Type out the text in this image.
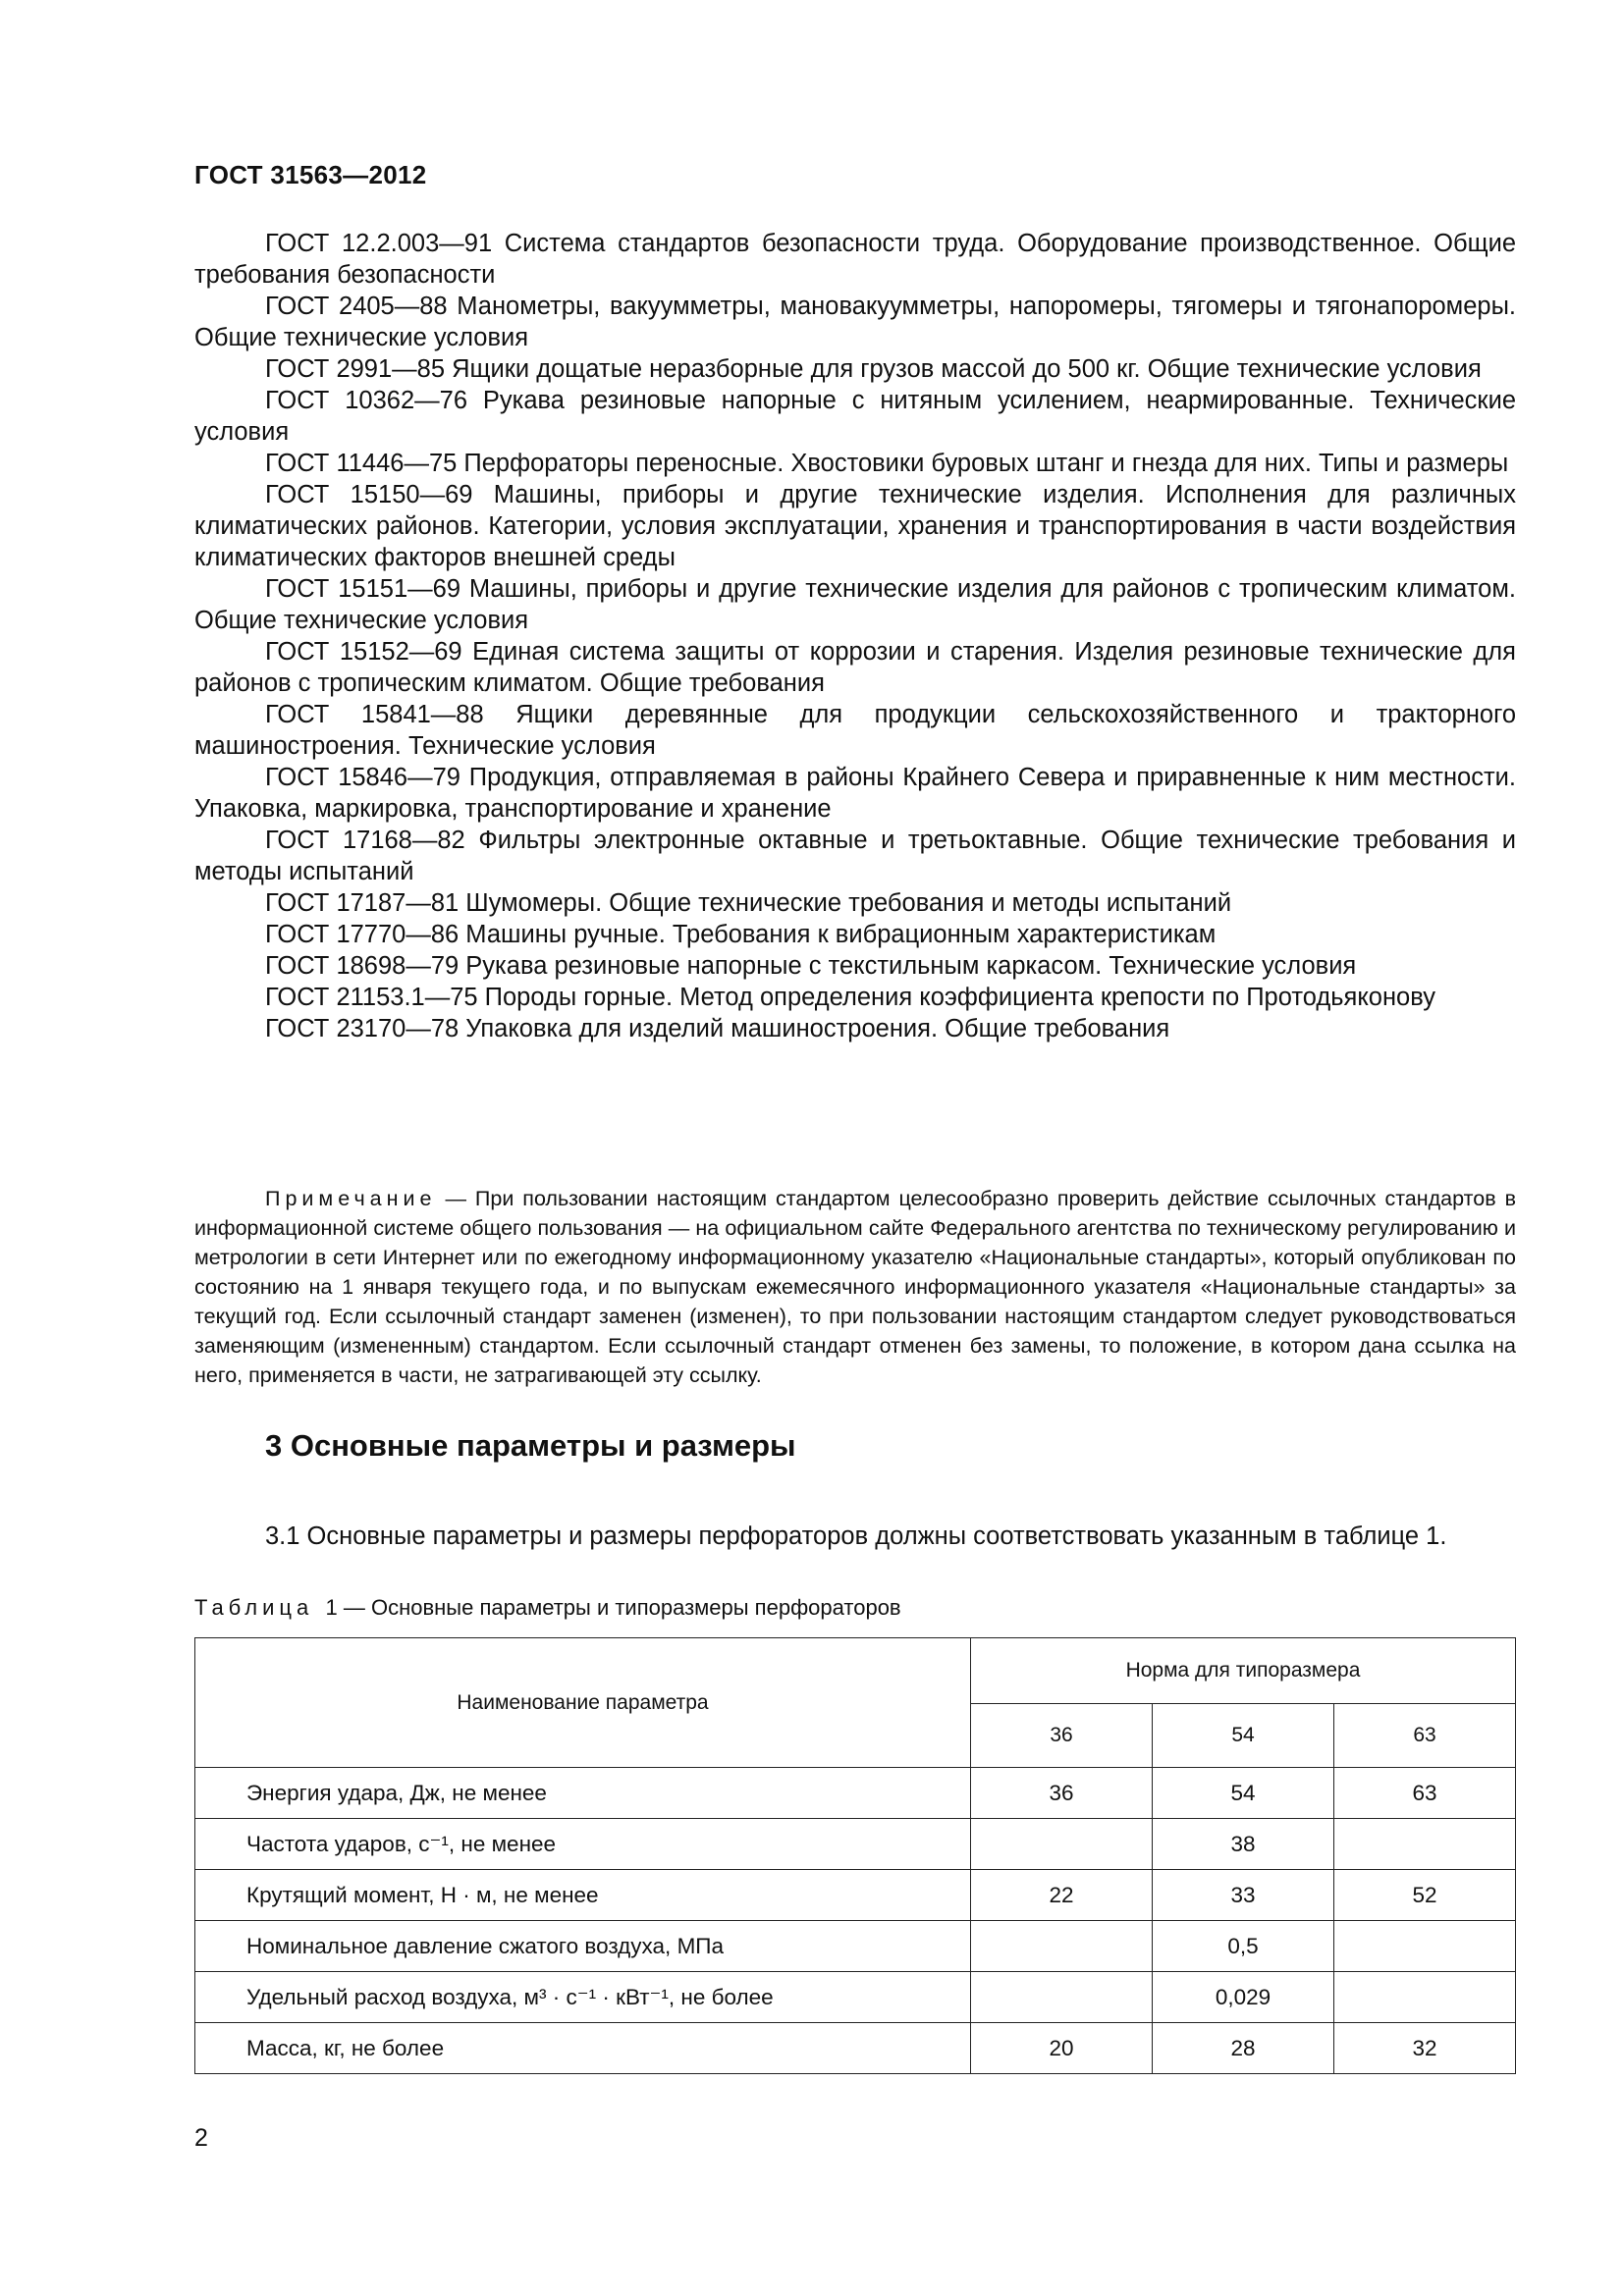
ГОСТ 31563—2012

ГОСТ 12.2.003—91 Система стандартов безопасности труда. Оборудование производственное. Общие требования безопасности

ГОСТ 2405—88 Манометры, вакуумметры, мановакуумметры, напоромеры, тягомеры и тягонапоромеры. Общие технические условия

ГОСТ 2991—85 Ящики дощатые неразборные для грузов массой до 500 кг. Общие технические условия

ГОСТ 10362—76 Рукава резиновые напорные с нитяным усилением, неармированные. Технические условия

ГОСТ 11446—75 Перфораторы переносные. Хвостовики буровых штанг и гнезда для них. Типы и размеры

ГОСТ 15150—69 Машины, приборы и другие технические изделия. Исполнения для различных климатических районов. Категории, условия эксплуатации, хранения и транспортирования в части воздействия климатических факторов внешней среды

ГОСТ 15151—69 Машины, приборы и другие технические изделия для районов с тропическим климатом. Общие технические условия

ГОСТ 15152—69 Единая система защиты от коррозии и старения. Изделия резиновые технические для районов с тропическим климатом. Общие требования

ГОСТ 15841—88 Ящики деревянные для продукции сельскохозяйственного и тракторного машиностроения. Технические условия

ГОСТ 15846—79 Продукция, отправляемая в районы Крайнего Севера и приравненные к ним местности. Упаковка, маркировка, транспортирование и хранение

ГОСТ 17168—82 Фильтры электронные октавные и третьоктавные. Общие технические требования и методы испытаний

ГОСТ 17187—81 Шумомеры. Общие технические требования и методы испытаний

ГОСТ 17770—86 Машины ручные. Требования к вибрационным характеристикам

ГОСТ 18698—79 Рукава резиновые напорные с текстильным каркасом. Технические условия

ГОСТ 21153.1—75 Породы горные. Метод определения коэффициента крепости по Протодьяконову

ГОСТ 23170—78 Упаковка для изделий машиностроения. Общие требования

Примечание — При пользовании настоящим стандартом целесообразно проверить действие ссылочных стандартов в информационной системе общего пользования — на официальном сайте Федерального агентства по техническому регулированию и метрологии в сети Интернет или по ежегодному информационному указателю «Национальные стандарты», который опубликован по состоянию на 1 января текущего года, и по выпускам ежемесячного информационного указателя «Национальные стандарты» за текущий год. Если ссылочный стандарт заменен (изменен), то при пользовании настоящим стандартом следует руководствоваться заменяющим (измененным) стандартом. Если ссылочный стандарт отменен без замены, то положение, в котором дана ссылка на него, применяется в части, не затрагивающей эту ссылку.

3 Основные параметры и размеры

3.1 Основные параметры и размеры перфораторов должны соответствовать указанным в таблице 1.

Таблица 1 — Основные параметры и типоразмеры перфораторов
Наименование параметра	Норма для типоразмера		
	36	54	63
Энергия удара, Дж, не менее	36	54	63
Частота ударов, с⁻¹, не менее		38	
Крутящий момент, Н · м, не менее	22	33	52
Номинальное давление сжатого воздуха, МПа		0,5	
Удельный расход воздуха, м³ · с⁻¹ · кВт⁻¹, не более		0,029	
Масса, кг, не более	20	28	32
2
